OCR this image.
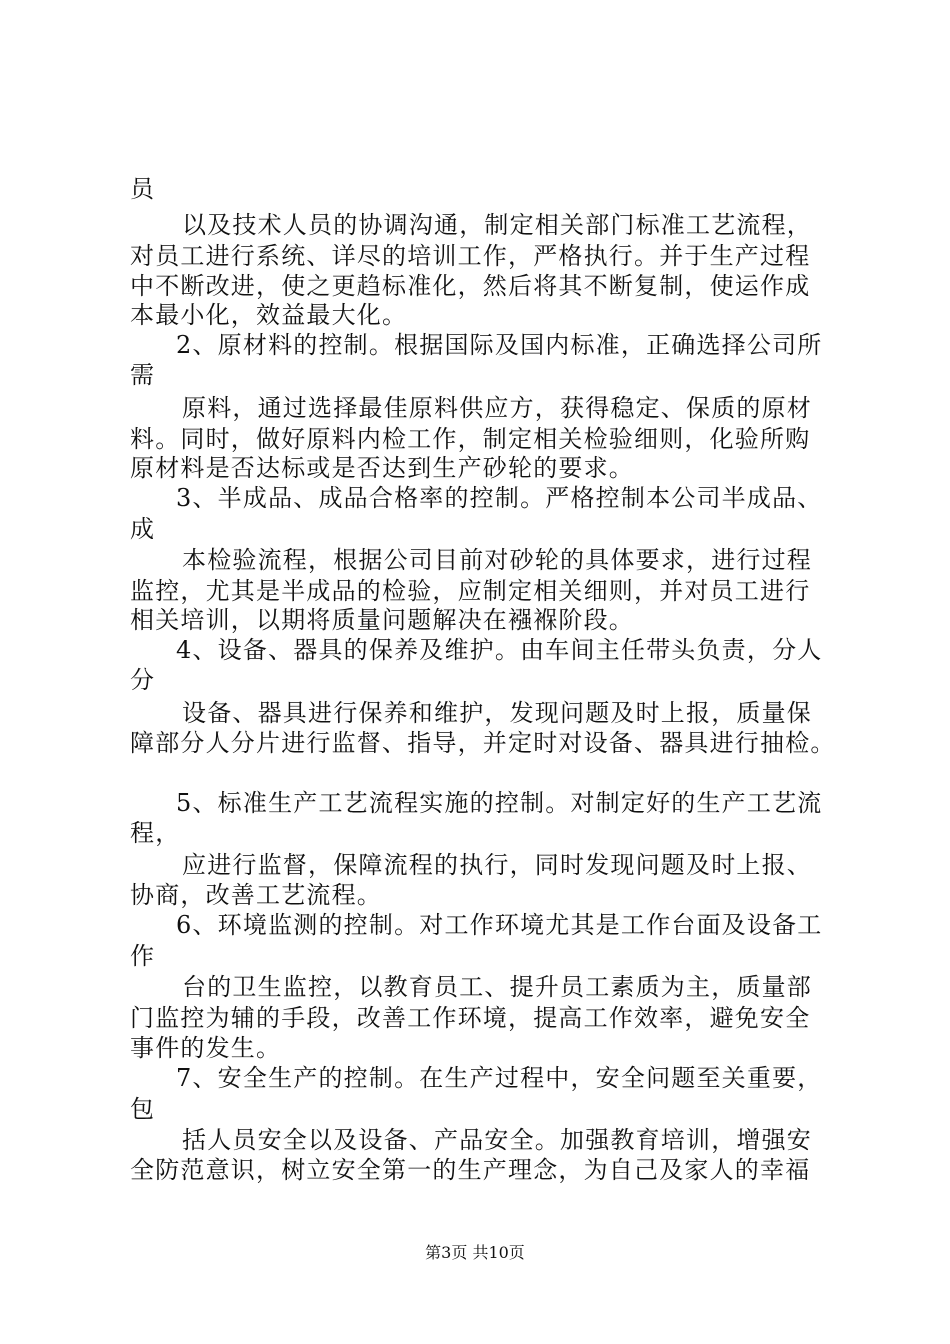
员
以及技术人员的协调沟通，制定相关部门标准工艺流程，
对员工进行系统、详尽的培训工作，严格执行。并于生产过程
中不断改进，使之更趋标准化，然后将其不断复制，使运作成
本最小化，效益最大化。
2、原材料的控制。根据国际及国内标准，正确选择公司所
需
原料，通过选择最佳原料供应方，获得稳定、保质的原材
料。同时，做好原料内检工作，制定相关检验细则，化验所购
原材料是否达标或是否达到生产砂轮的要求。
3、半成品、成品合格率的控制。严格控制本公司半成品、
成
本检验流程，根据公司目前对砂轮的具体要求，进行过程
监控，尤其是半成品的检验，应制定相关细则，并对员工进行
相关培训，以期将质量问题解决在襁褓阶段。
4、设备、器具的保养及维护。由车间主任带头负责，分人
分
设备、器具进行保养和维护，发现问题及时上报，质量保
障部分人分片进行监督、指导，并定时对设备、器具进行抽检。
5、标准生产工艺流程实施的控制。对制定好的生产工艺流
程，
应进行监督，保障流程的执行，同时发现问题及时上报、
协商，改善工艺流程。
6、环境监测的控制。对工作环境尤其是工作台面及设备工
作
台的卫生监控，以教育员工、提升员工素质为主，质量部
门监控为辅的手段，改善工作环境，提高工作效率，避免安全
事件的发生。
7、安全生产的控制。在生产过程中，安全问题至关重要，
包
括人员安全以及设备、产品安全。加强教育培训，增强安
全防范意识，树立安全第一的生产理念，为自己及家人的幸福
第3页 共10页
